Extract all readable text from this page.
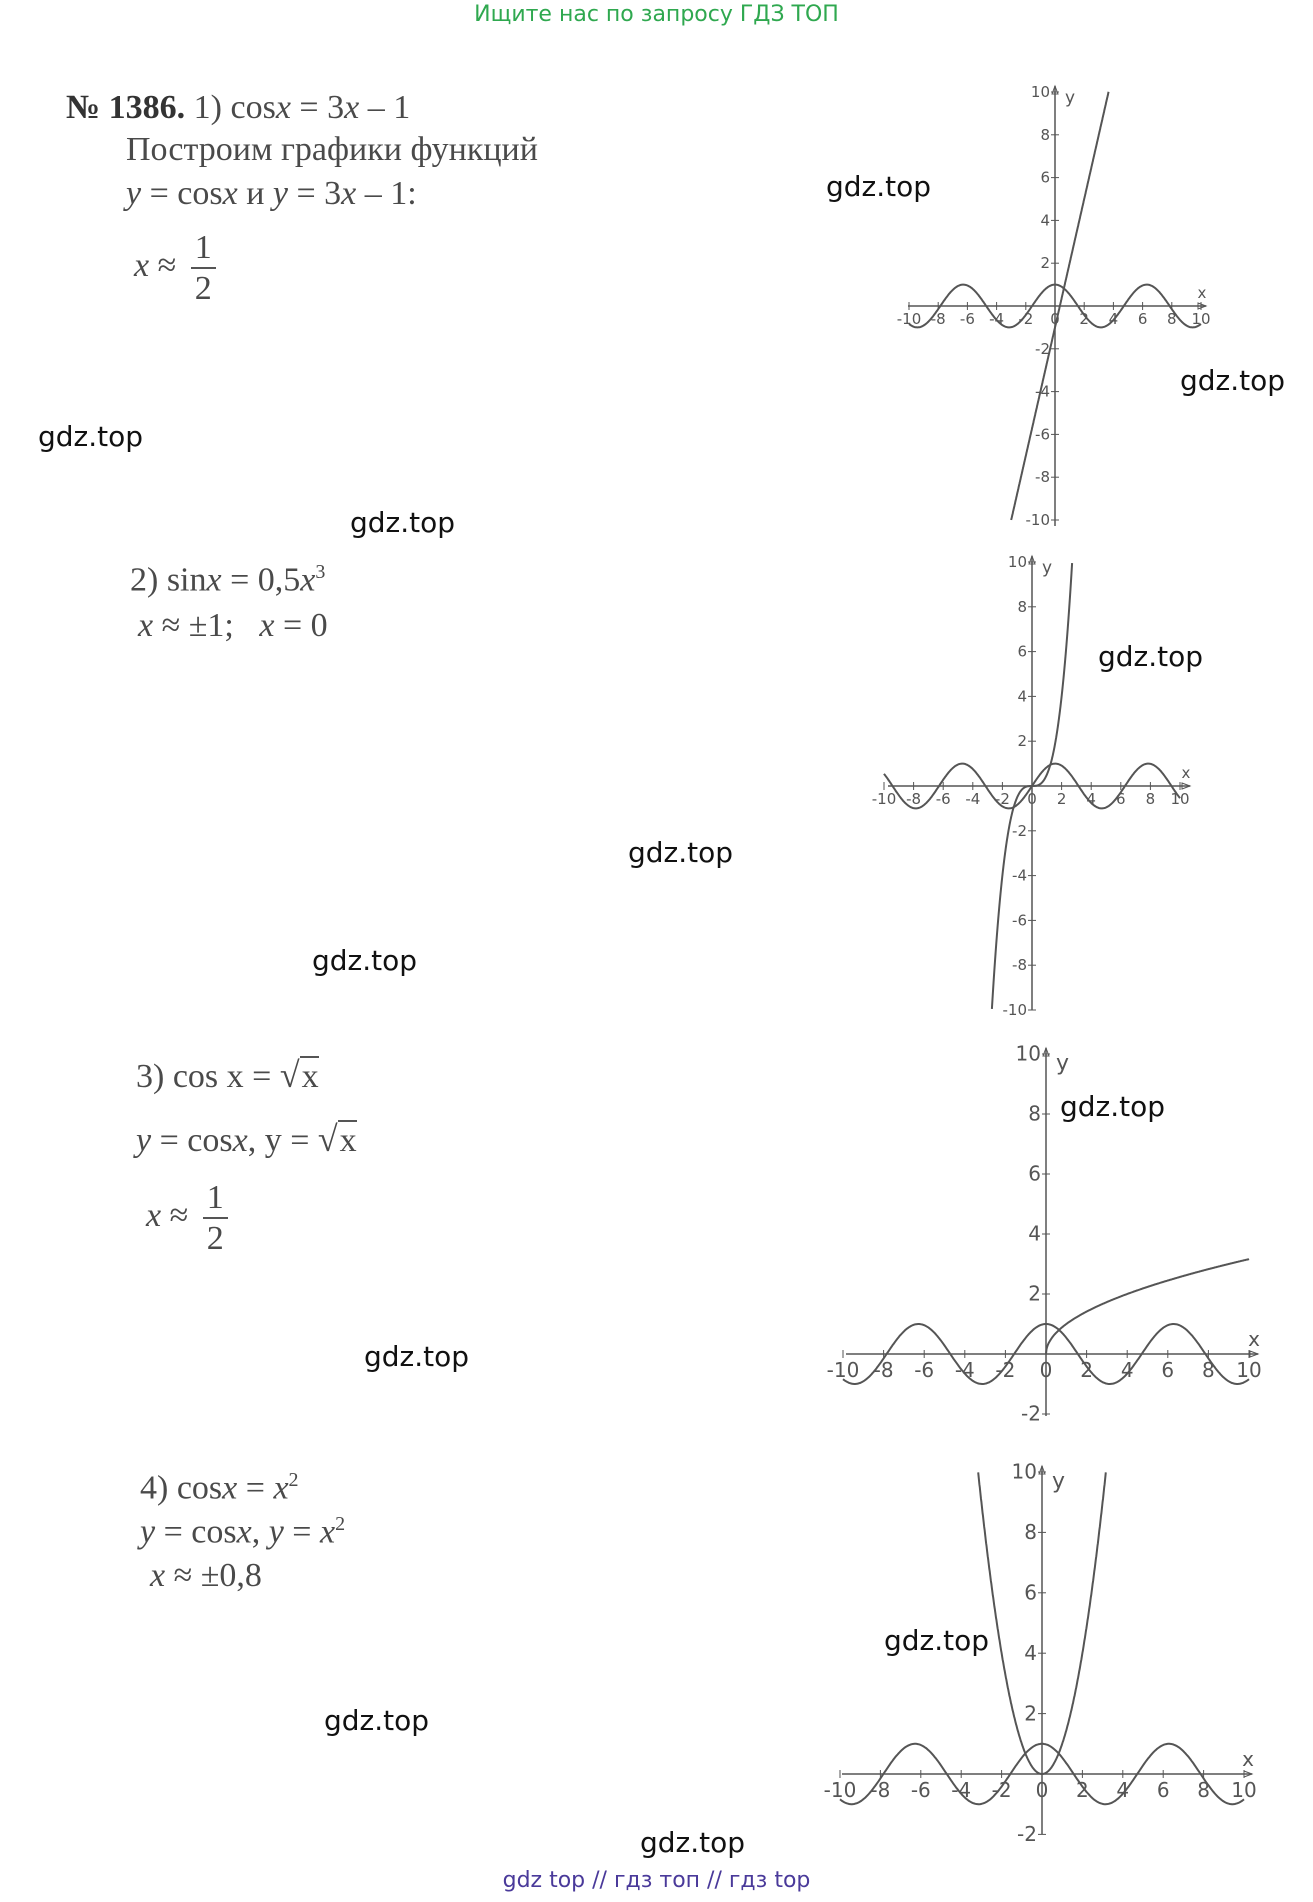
Ищите нас по запросу ГДЗ ТОП
№ 1386. 1) cosx = 3x – 1
Построим графики функций
y = cosx и y = 3x – 1:
$x \approx \frac{1}{2}$
2) $\sin x = 0,5x^3$
x ≈ ±1; x = 0
3) cos x = √x
y = cosx, y = √x
$x \approx \frac{1}{2}$
4) $\cos x = x^2$
y = cosx, $y = x^2$
x ≈ ±0,8
-10 -8 -6 -4 -2 0 2 4 6 8 10
10
8
6
4
2
-2
-4
-6
-8
-10
x
y
-10 -8 -6 -4 -2 0 2 4 6 8 10
10
8
6
4
2
-2
-4
-6
-8
-10
x
y
-10 -8 -6 -4 -2 0 2 4 6 8 10
10
8
6
4
2
-2
x
y
-10 -8 -6 -4 -2 0 2 4 6 8 10
10
8
6
4
2
-2
x
y
gdz.top
gdz.top
gdz.top
gdz.top
gdz.top
gdz.top
gdz.top
gdz.top
gdz.top
gdz.top
gdz.top
gdz.top
gdz top // гдз топ // гдз top
